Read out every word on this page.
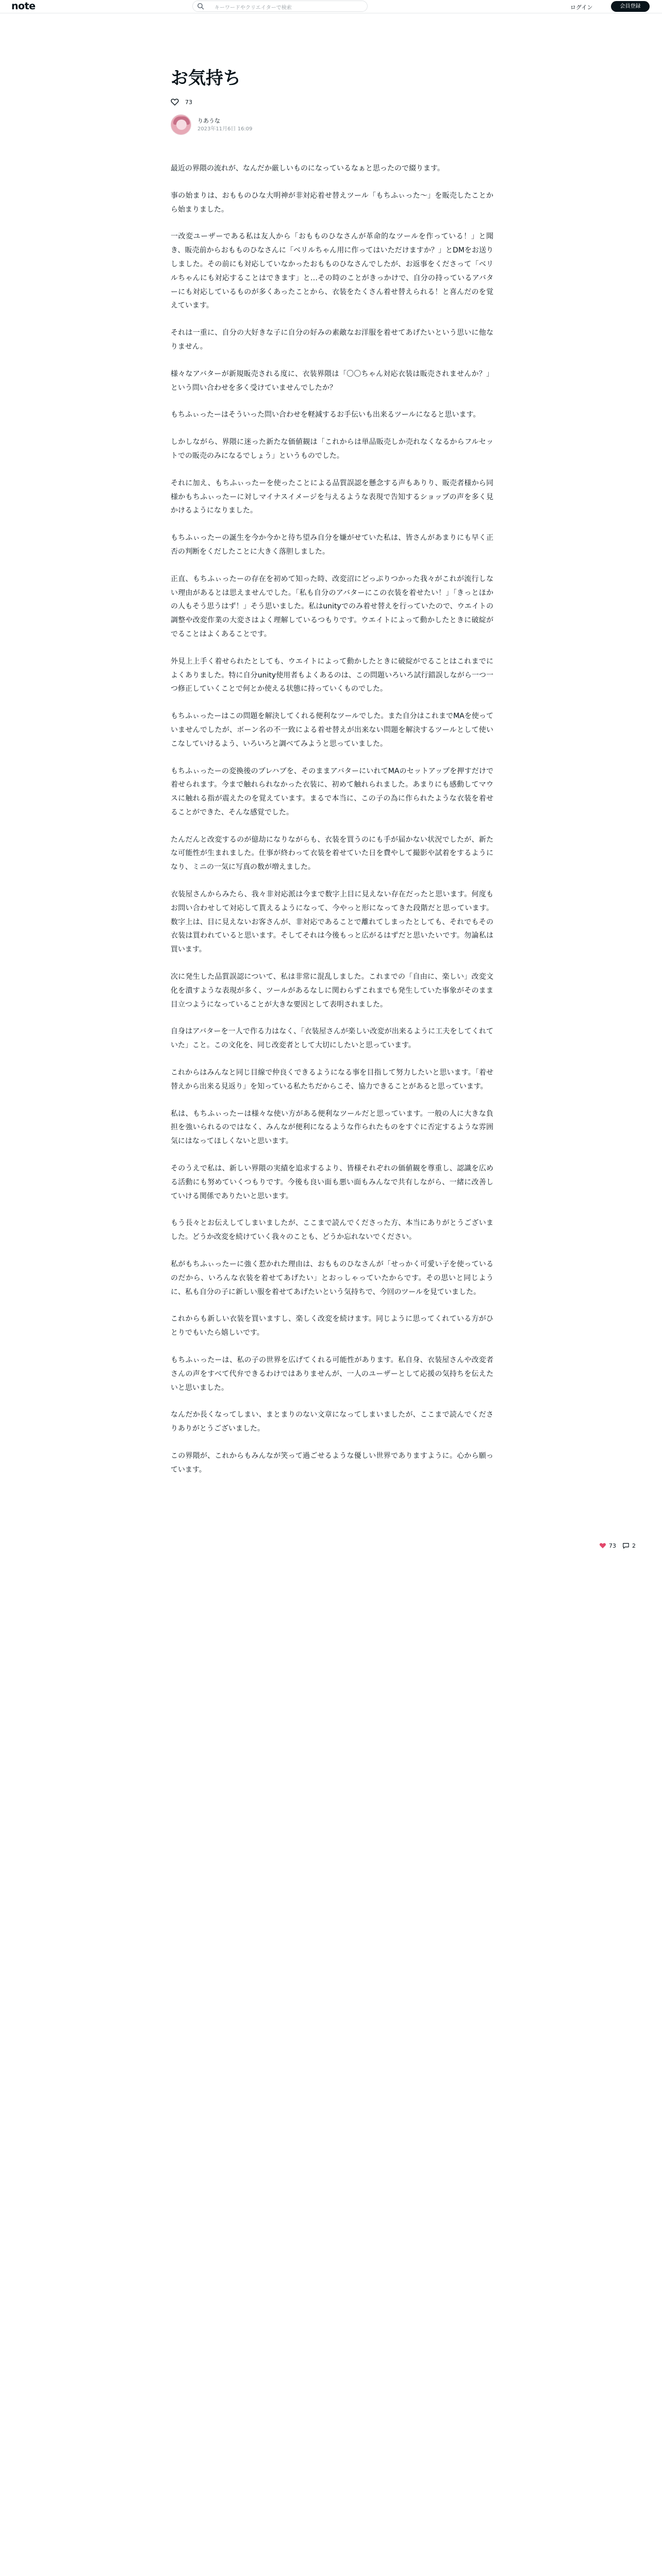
note	キーワードやクリエイターで検索	ログイン	会員登録
お気持ち
73
りあうな
2023年11月6日 16:09

最近の界隈の流れが、なんだか厳しいものになっているなぁと思ったので綴ります。

事の始まりは、おもものひな大明神が非対応着せ替えツール「もちふぃった〜」を販売したことから始まりました。

一改変ユーザーである私は友人から「おもものひなさんが革命的なツールを作っている！」と聞き、販売前からおもものひなさんに「ベリルちゃん用に作ってはいただけますか？」とDMをお送りしました。その前にも対応していなかったおもものひなさんでしたが、お返事をくださって「ベリルちゃんにも対応することはできます」と…その時のことがきっかけで、自分の持っているアバターにも対応しているものが多くあったことから、衣装をたくさん着せ替えられる！と喜んだのを覚えています。

それは一重に、自分の大好きな子に自分の好みの素敵なお洋服を着せてあげたいという思いに他なりません。

様々なアバターが新規販売される度に、衣装界隈は「〇〇ちゃん対応衣装は販売されませんか？」という問い合わせを多く受けていませんでしたか？

もちふぃったーはそういった問い合わせを軽減するお手伝いも出来るツールになると思います。

しかしながら、界隈に迷った新たな価値観は「これからは単品販売しか売れなくなるからフルセットでの販売のみになるでしょう」というものでした。

それに加え、もちふぃったーを使ったことによる品質誤認を懸念する声もありり、販売者様から同様かもちふぃったーに対しマイナスイメージを与えるような表現で告知するショップの声を多く見かけるようになりました。

もちふぃったーの誕生を今か今かと待ち望み自分を嫌がせていた私は、皆さんがあまりにも早く正否の判断をくだしたことに大きく落胆しました。

正直、もちふぃったーの存在を初めて知った時、改変沼にどっぷりつかった我々がこれが流行しない理由があるとは思えませんでした。「私も自分のアバターにこの衣装を着せたい！」「きっとほかの人もそう思うはず！」そう思いました。私はunityでのみ着せ替えを行っていたので、ウエイトの調整や改変作業の大変さはよく理解しているつもりです。ウエイトによって動かしたときに破綻がでることはよくあることです。

外見上上手く着せられたとしても、ウエイトによって動かしたときに破綻がでることはこれまでによくありました。特に自分unity使用者もよくあるのは、この問題いろいろ試行錯誤しながら一つ一つ修正していくことで何とか使える状態に持っていくものでした。

もちふぃったーはこの問題を解決してくれる便利なツールでした。また自分はこれまでMAを使っていませんでしたが、ボーン名の不一致による着せ替えが出来ない問題を解決するツールとして使いこなしていけるよう、いろいろと調べてみようと思っていました。

もちふぃったーの変換後のプレハブを、そのままアバターにいれてMAのセットアップを押すだけで着せられます。今まで触れられなかった衣装に、初めて触れられました。あまりにも感動してマウスに触れる指が震えたのを覚えています。まるで本当に、この子の為に作られたような衣装を着せることができた、そんな感覚でした。

たんだんと改変するのが億劫になりながらも、衣装を買うのにも手が届かない状況でしたが、新たな可能性が生まれました。仕事が終わって衣装を着せていた日を費やして撮影や試着をするようになり、ミニの一気に写真の数が増えました。

衣装屋さんからみたら、我々非対応派は今まで数字上目に見えない存在だったと思います。何度もお問い合わせして対応して貰えるようになって、今やっと形になってきた段階だと思っています。数字上は、目に見えないお客さんが、非対応であることで離れてしまったとしても、それでもその衣装は買われていると思います。そしてそれは今後もっと広がるはずだと思いたいです。勿論私は買います。

次に発生した品質誤認について、私は非常に混乱しました。これまでの「自由に、楽しい」改変文化を潰すような表現が多く、ツールがあるなしに関わらずこれまでも発生していた事象がそのまま目立つようになっていることが大きな要因として表明されました。

自身はアバターを一人で作る力はなく、「衣装屋さんが楽しい改変が出来るように工夫をしてくれていた」こと。この文化を、同じ改変者として大切にしたいと思っています。

これからはみんなと同じ目線で仲良くできるようになる事を目指して努力したいと思います。「着せ替えから出来る見返り」を知っている私たちだからこそ、協力できることがあると思っています。

私は、もちふぃったーは様々な使い方がある便利なツールだと思っています。一般の人に大きな負担を強いられるのではなく、みんなが便利になるような作られたものをすぐに否定するような雰囲気にはなってほしくないと思います。

そのうえで私は、新しい界隈の実績を追求するより、皆様それぞれの価値観を尊重し、認識を広める活動にも努めていくつもりです。今後も良い面も悪い面もみんなで共有しながら、一緒に改善していける関係でありたいと思います。

もう長々とお伝えしてしまいましたが、ここまで読んでくださった方、本当にありがとうございました。どうか改変を続けていく我々のことも、どうか忘れないでください。

私がもちふぃったーに強く惹かれた理由は、おもものひなさんが「せっかく可愛い子を使っているのだから、いろんな衣装を着せてあげたい」とおっしゃっていたからです。その思いと同じように、私も自分の子に新しい服を着せてあげたいという気持ちで、今回のツールを見ていました。

これからも新しい衣装を買いますし、楽しく改変を続けます。同じように思ってくれている方がひとりでもいたら嬉しいです。

もちふぃったーは、私の子の世界を広げてくれる可能性があります。私自身、衣装屋さんや改変者さんの声をすべて代弁できるわけではありませんが、一人のユーザーとして応援の気持ちを伝えたいと思いました。

なんだか長くなってしまい、まとまりのない文章になってしまいましたが、ここまで読んでくださりありがとうございました。

この界隈が、これからもみんなが笑って過ごせるような優しい世界でありますように。心から願っています。

73	2
